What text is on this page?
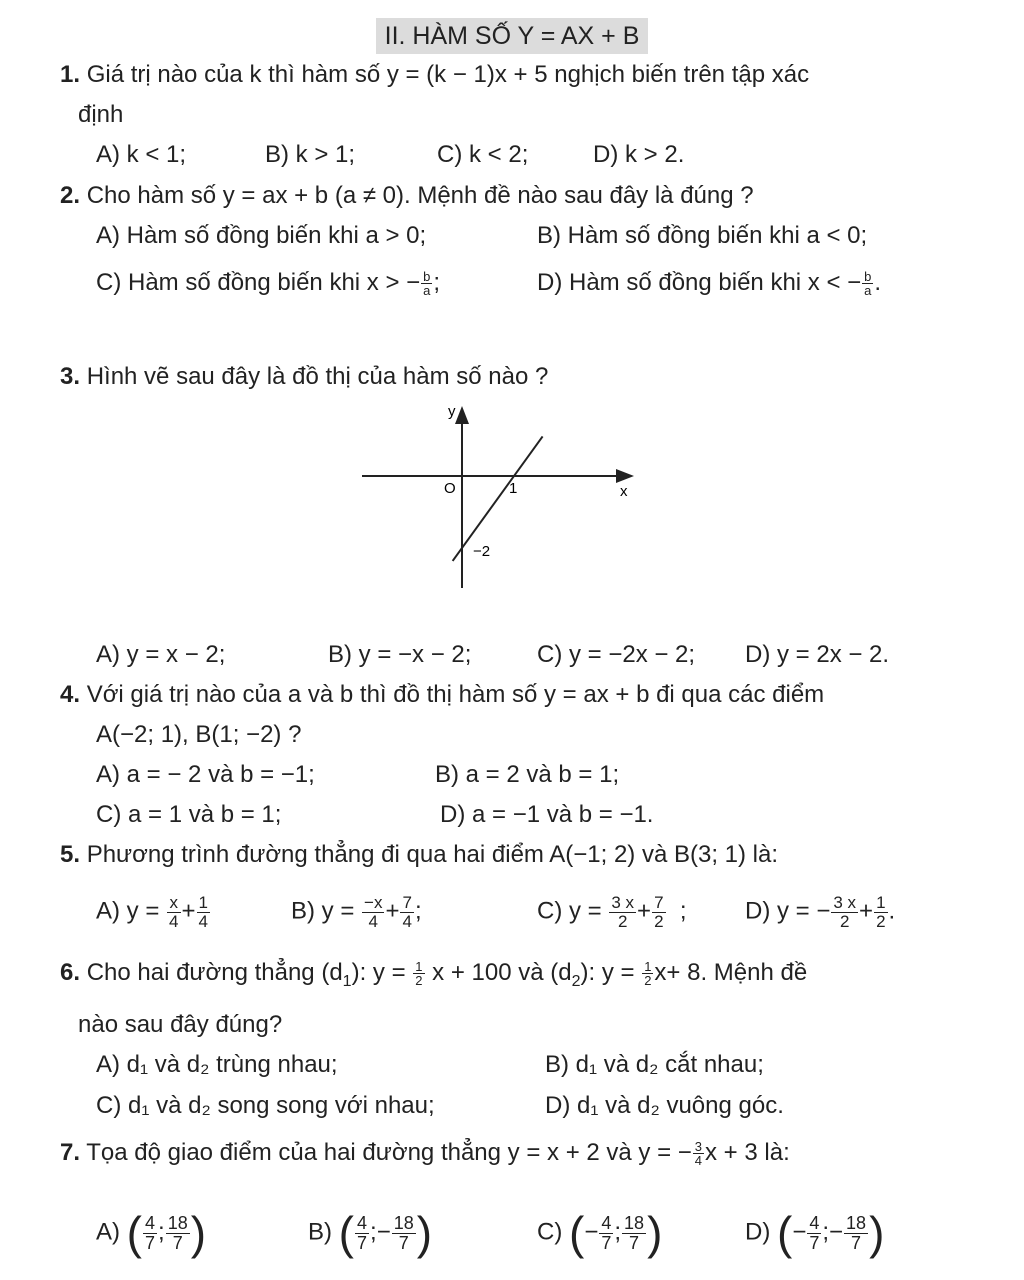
II. HÀM SỐ Y = AX + B
1. Giá trị nào của k thì hàm số y = (k − 1)x + 5 nghịch biến trên tập xác
định
A) k < 1;	B) k > 1;	C) k < 2;	D) k > 2.
2. Cho hàm số y = ax + b (a ≠ 0). Mệnh đề nào sau đây là đúng ?
A) Hàm số đồng biến khi a > 0;	B) Hàm số đồng biến khi a < 0;
C) Hàm số đồng biến khi x > − $\frac{b}{a}$ ;	D) Hàm số đồng biến khi x < − $\frac{b}{a}$ .
3. Hình vẽ sau đây là đồ thị của hàm số nào ?
y
x
O	1
−2
A) y = x − 2;	B) y = −x − 2;	C) y = −2x − 2; D) y = 2x − 2.
4. Với giá trị nào của a và b thì đồ thị hàm số y = ax + b đi qua các điểm
A(−2; 1), B(1; −2) ?
A) a = − 2 và b = −1;	B) a = 2 và b = 1;
C) a = 1 và b = 1;	D) a = −1 và b = −1.
5. Phương trình đường thẳng đi qua hai điểm A(−1; 2) và B(3; 1) là:
A) $y = \frac{x}{4} + \frac{1}{4}$	B) $y = \frac{-x}{4} + \frac{7}{4}$ ;	C) $y = \frac{3 x}{2} + \frac{7}{2}$ ; D) y = − $\frac{3 x}{2} + \frac{1}{2}$ .
6. Cho hai đường thẳng $(d_1)$: $y = \frac{1}{2}$ x + 100 và $(d_2)$: $y = \frac{1}{2} x+ 8$. Mệnh đề
nào sau đây đúng?
A) d₁ và d₂ trùng nhau;	B) d₁ và d₂ cắt nhau;
C) d₁ và d₂ song song với nhau;	D) d₁ và d₂ vuông góc.
7. Tọa độ giao điểm của hai đường thẳng y = x + 2 và y = − $\frac{3}{4}$ x + 3 là:
A) ( $\frac{4}{7}$ ; $\frac{18}{7}$ )	B) ( $\frac{4}{7}$ ;− $\frac{18}{7}$ )	C) (− $\frac{4}{7}$ ; $\frac{18}{7}$ )	D) (− $\frac{4}{7}$ ;− $\frac{18}{7}$ )
